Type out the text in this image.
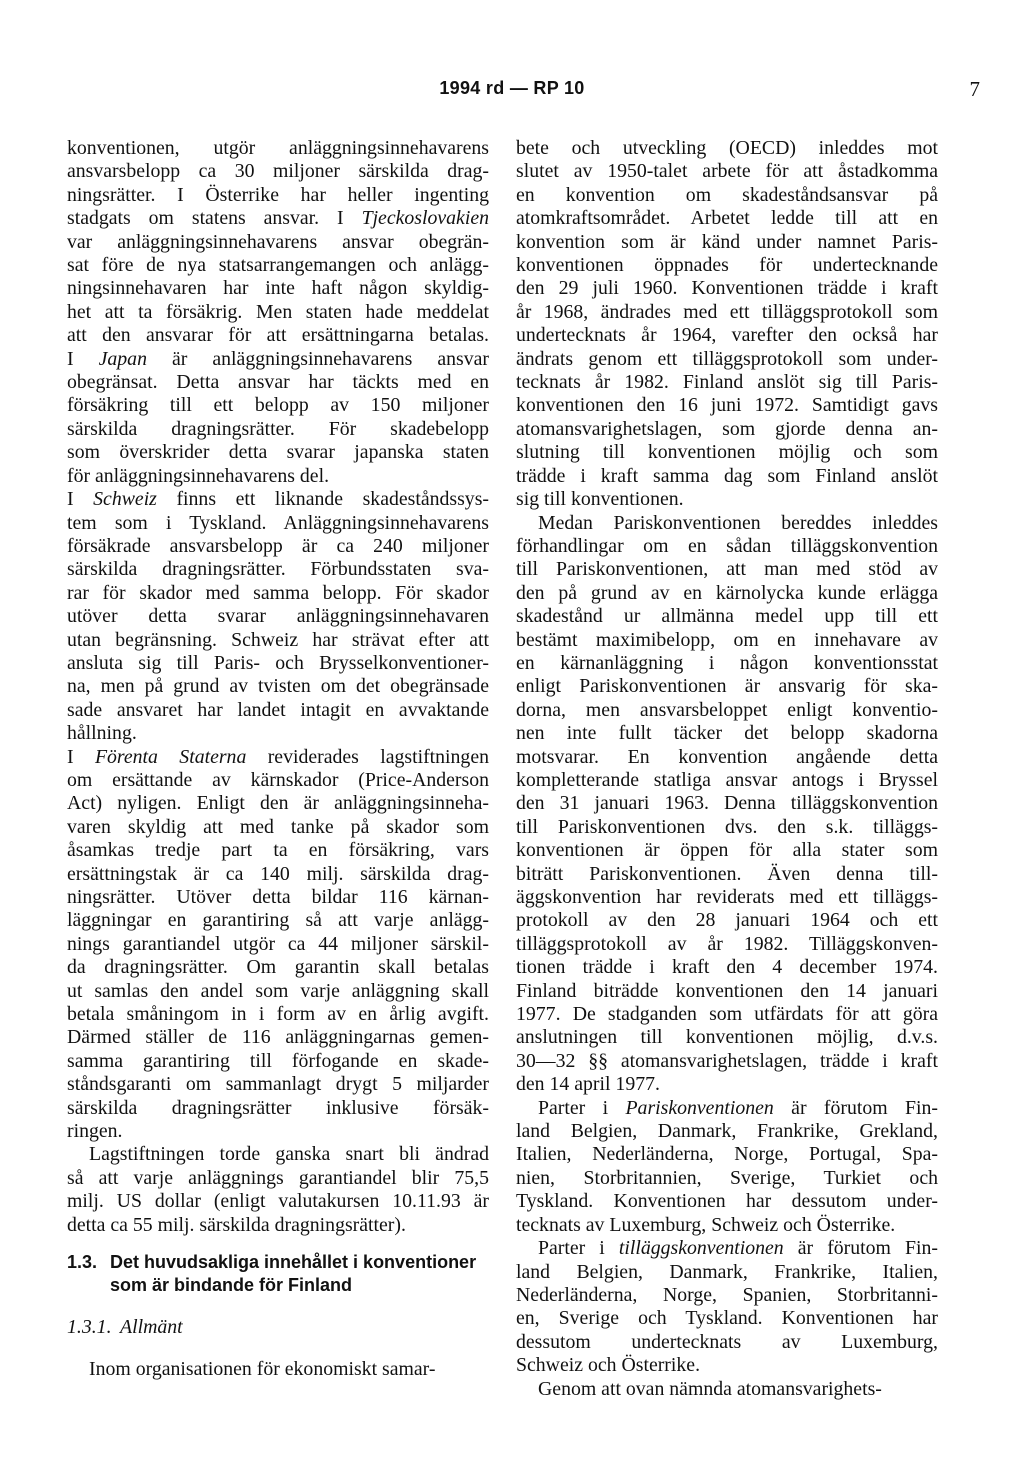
1994 rd — RP 10	7

konventionen, utgör anläggningsinnehavarens
ansvarsbelopp ca 30 miljoner särskilda drag-
ningsrätter. I Österrike har heller ingenting
stadgats om statens ansvar. I Tjeckoslovakien
var anläggningsinnehavarens ansvar obegrän-
sat före de nya statsarrangemangen och anlägg-
ningsinnehavaren har inte haft någon skyldig-
het att ta försäkrig. Men staten hade meddelat
att den ansvarar för att ersättningarna betalas.
I Japan är anläggningsinnehavarens ansvar
obegränsat. Detta ansvar har täckts med en
försäkring till ett belopp av 150 miljoner
särskilda dragningsrätter. För skadebelopp
som överskrider detta svarar japanska staten
för anläggningsinnehavarens del.

I Schweiz finns ett liknande skadeståndssys-
tem som i Tyskland. Anläggningsinnehavarens
försäkrade ansvarsbelopp är ca 240 miljoner
särskilda dragningsrätter. Förbundsstaten sva-
rar för skador med samma belopp. För skador
utöver detta svarar anläggningsinnehavaren
utan begränsning. Schweiz har strävat efter att
ansluta sig till Paris- och Brysselkonventioner-
na, men på grund av tvisten om det obegränsade
sade ansvaret har landet intagit en avvaktande
hållning.

I Förenta Staterna reviderades lagstiftningen
om ersättande av kärnskador (Price-Anderson
Act) nyligen. Enligt den är anläggningsinneha-
varen skyldig att med tanke på skador som
åsamkas tredje part ta en försäkring, vars
ersättningstak är ca 140 milj. särskilda drag-
ningsrätter. Utöver detta bildar 116 kärnan-
läggningar en garantiring så att varje anlägg-
nings garantiandel utgör ca 44 miljoner särskil-
da dragningsrätter. Om garantin skall betalas
ut samlas den andel som varje anläggning skall
betala småningom in i form av en årlig avgift.
Därmed ställer de 116 anläggningarnas gemen-
samma garantiring till förfogande en skade-
ståndsgaranti om sammanlagt drygt 5 miljarder
särskilda dragningsrätter inklusive försäk-
ringen.

Lagstiftningen torde ganska snart bli ändrad
så att varje anläggnings garantiandel blir 75,5
milj. US dollar (enligt valutakursen 10.11.93 är
detta ca 55 milj. särskilda dragningsrätter).

1.3. Det huvudsakliga innehållet i konventioner som är bindande för Finland
1.3.1. Allmänt
Inom organisationen för ekonomiskt samar-

bete och utveckling (OECD) inleddes mot
slutet av 1950-talet arbete för att åstadkomma
en konvention om skadeståndsansvar på
atomkraftsområdet. Arbetet ledde till att en
konvention som är känd under namnet Paris-
konventionen öppnades för undertecknande
den 29 juli 1960. Konventionen trädde i kraft
år 1968, ändrades med ett tilläggsprotokoll som
undertecknats år 1964, varefter den också har
ändrats genom ett tilläggsprotokoll som under-
tecknats år 1982. Finland anslöt sig till Paris-
konventionen den 16 juni 1972. Samtidigt gavs
atomansvarighetslagen, som gjorde denna an-
slutning till konventionen möjlig och som
trädde i kraft samma dag som Finland anslöt
sig till konventionen.

Medan Pariskonventionen bereddes inleddes
förhandlingar om en sådan tilläggskonvention
till Pariskonventionen, att man med stöd av
den på grund av en kärnolycka kunde erlägga
skadestånd ur allmänna medel upp till ett
bestämt maximibelopp, om en innehavare av
en kärnanläggning i någon konventionsstat
enligt Pariskonventionen är ansvarig för ska-
dorna, men ansvarsbeloppet enligt konventio-
nen inte fullt täcker det belopp skadorna
motsvarar. En konvention angående detta
kompletterande statliga ansvar antogs i Bryssel
den 31 januari 1963. Denna tilläggskonvention
till Pariskonventionen dvs. den s.k. tilläggs-
konventionen är öppen för alla stater som
biträtt Pariskonventionen. Även denna till-
äggskonvention har reviderats med ett tilläggs-
protokoll av den 28 januari 1964 och ett
tilläggsprotokoll av år 1982. Tilläggskonven-
tionen trädde i kraft den 4 december 1974.
Finland biträdde konventionen den 14 januari
1977. De stadganden som utfärdats för att göra
anslutningen till konventionen möjlig, d.v.s.
30—32 §§ atomansvarighetslagen, trädde i kraft
den 14 april 1977.

Parter i Pariskonventionen är förutom Fin-
land Belgien, Danmark, Frankrike, Grekland,
Italien, Nederländerna, Norge, Portugal, Spa-
nien, Storbritannien, Sverige, Turkiet och
Tyskland. Konventionen har dessutom under-
tecknats av Luxemburg, Schweiz och Österrike.

Parter i tilläggskonventionen är förutom Fin-
land Belgien, Danmark, Frankrike, Italien,
Nederländerna, Norge, Spanien, Storbritanni-
en, Sverige och Tyskland. Konventionen har
dessutom undertecknats av Luxemburg,
Schweiz och Österrike.

Genom att ovan nämnda atomansvarighets-
